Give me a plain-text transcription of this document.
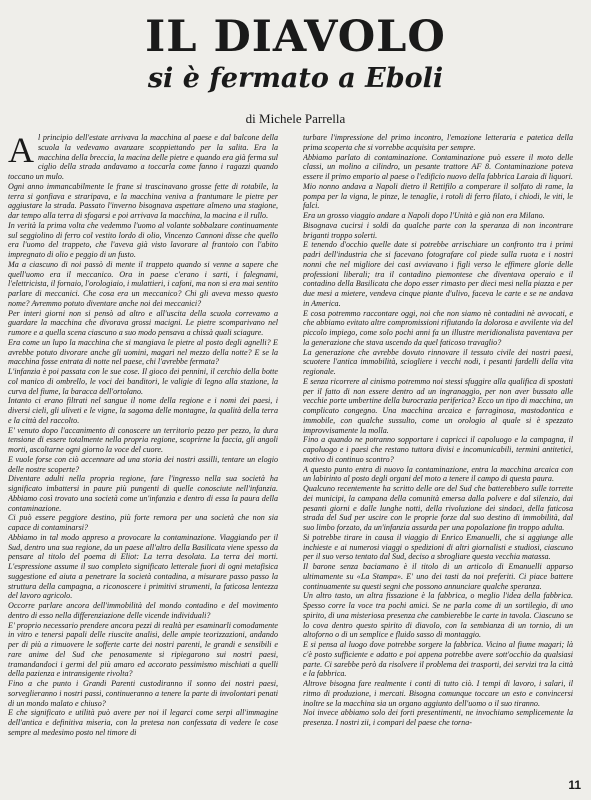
IL DIAVOLO
si è fermato a Eboli

di Michele Parrella

A l principio dell'estate arrivava la macchina al paese e dal balcone della scuola la vedevamo avanzare scoppiettando per la salita. Era la macchina della breccia, la macina delle pietre e quando era già ferma sul ciglio della strada andavamo a toccarla come fanno i ragazzi quando toccano un mulo.

Ogni anno immancabilmente le frane si trascinavano grosse fette di rotabile, la terra si gonfiava e straripava, e la macchina veniva a frantumare le pietre per aggiustare la strada. Passato l'inverno bisognava aspettare almeno una stagione, dar tempo alla terra di sfogarsi e poi arrivava la macchina, la macina e il rullo.

In verità la prima volta che vedemmo l'uomo al volante sobbalzare continuamente sul seggiolino di ferro col vestito lordo di olio, Vincenzo Cannoni disse che quello era l'uomo del trappeto, che l'aveva già visto lavorare al frantoio con l'abito impregnato di olio e peggio di un fusto.

Ma a ciascuno di noi passò di mente il trappeto quando si venne a sapere che quell'uomo era il meccanico. Ora in paese c'erano i sarti, i falegnami, l'elettricista, il fornaio, l'orologiaio, i mulattieri, i cafoni, ma non si era mai sentito parlare di meccanici. Che cosa era un meccanico? Chi gli aveva messo questo nome? Avremmo potuto diventare anche noi dei meccanici?

Per interi giorni non si pensò ad altro e all'uscita della scuola correvamo a guardare la macchina che divorava grossi macigni. Le pietre scomparivano nel rumore e a quella scena ciascuno a suo modo pensava a chissà quali sciagure.

Era come un lupo la macchina che si mangiava le pietre al posto degli agnelli? E avrebbe potuto divorare anche gli uomini, magari nel mezzo della notte? E se la macchina fosse entrata di notte nel paese, chi l'avrebbe fermata?

L'infanzia è poi passata con le sue cose. Il gioco dei pennini, il cerchio della botte col manico di ombrello, le voci dei banditori, le valigie di legno alla stazione, la curva del fiume, la baracca dell'ortolano.

Intanto ci erano filtrati nel sangue il nome della regione e i nomi dei paesi, i diversi cieli, gli uliveti e le vigne, la sagoma delle montagne, la qualità della terra e la città del raccolto.

E' venuto dopo l'accanimento di conoscere un territorio pezzo per pezzo, la dura tensione di essere totalmente nella propria regione, scoprirne la faccia, gli angoli morti, ascoltarne ogni giorno la voce del cuore.

E vuole forse con ciò accennare ad una storia dei nostri assilli, tentare un elogio delle nostre scoperte?

Diventare adulti nella propria regione, fare l'ingresso nella sua società ha significato imbattersi in paure più pungenti di quelle conosciute nell'infanzia. Abbiamo così trovato una società come un'infanzia e dentro di essa la paura della contaminazione.

Ci può essere peggiore destino, più forte remora per una società che non sia capace di contaminarsi?

Abbiamo in tal modo appreso a provocare la contaminazione. Viaggiando per il Sud, dentro una sua regione, da un paese all'altro della Basilicata viene spesso da pensare al titolo del poema di Eliot: La terra desolata. La terra dei morti. L'espressione assume il suo completo significato letterale fuori di ogni metafisica suggestione ed aiuta a penetrare la società contadina, a misurare passo passo la struttura della campagna, a riconoscere i primitivi strumenti, la faticosa lentezza del lavoro agricolo.

Occorre parlare ancora dell'immobilità del mondo contadino e del movimento dentro di esso nella differenziazione delle vicende individuali?

E' proprio necessario prendere ancora pezzi di realtà per esaminarli comodamente in vitro e tenersi papali delle riuscite analisi, delle ampie teorizzazioni, andando per di più a rimuovere le sofferte carte dei nostri parenti, le grandi e sensibili e rare anime del Sud che penosamente si ripiegarono sui nostri paesi, tramandandoci i germi del più amaro ed accorato pessimismo mischiati a quelli della pazienza e intransigente rivolta?

Fino a che punto i Grandi Parenti custodiranno il sonno dei nostri paesi, sorveglieranno i nostri passi, continueranno a tenere la parte di involontari penati di un mondo malato e chiuso?

E che significato e utilità può avere per noi il legarci come serpi all'immagine dell'antica e definitiva miseria, con la pretesa non confessata di vedere le cose sempre al medesimo posto nel timore di

turbare l'impressione del primo incontro, l'emozione letteraria e patetica della prima scoperta che si vorrebbe acquisita per sempre.

Abbiamo parlato di contaminazione. Contaminazione può essere il moto delle classi, un molino a cilindro, un pesante trattore AF 8. Contaminazione poteva essere il primo emporio al paese o l'edificio nuovo della fabbrica Laraia di liquori.

Mio nonno andava a Napoli dietro il Rettifilo a comperare il solfato di rame, la pompa per la vigna, le pinze, le tenaglie, i rotoli di ferro filato, i chiodi, le viti, le falci.

Era un grosso viaggio andare a Napoli dopo l'Unità e già non era Milano.

Bisognava cucirsi i soldi da qualche parte con la speranza di non incontrare briganti troppo solerti.

E tenendo d'occhio quelle date si potrebbe arrischiare un confronto tra i primi padri dell'industria che si facevano fotografare col piede sulla ruota e i nostri nonni che nel migliore dei casi avviavano i figli verso le effimere glorie delle professioni liberali; tra il contadino piemontese che diventava operaio e il contadino della Basilicata che dopo esser rimasto per dieci mesi nella piazza e per due mesi a mietere, vendeva cinque piante d'ulivo, faceva le carte e se ne andava in America.

E cosa potremmo raccontare oggi, noi che non siamo nè contadini nè avvocati, e che abbiamo evitato altre compromissioni rifiutando la dolorosa e avvilente via del piccolo impiego, come solo pochi anni fa un illustre meridionalista paventava per la generazione che stava uscendo da quel faticoso travaglio?

La generazione che avrebbe dovuto rinnovare il tessuto civile dei nostri paesi, scuotere l'antica immobilità, sciogliere i vecchi nodi, i pesanti fardelli della vita regionale.

E senza ricorrere al cinismo potremmo noi stessi sfuggire alla qualifica di spostati per il fatto di non essere dentro ad un ingranaggio, per non aver bussato alle vecchie porte umbertine della burocrazia periferica? Ecco un tipo di macchina, un complicato congegno. Una macchina arcaica e farraginosa, mastodontica e immobile, con qualche sussulto, come un orologio al quale si è spezzato improvvisamente la molla.

Fino a quando ne potranno sopportare i capricci il capoluogo e la campagna, il capoluogo e i paesi che restano tuttora divisi e incomunicabili, termini antitetici, motivo di continuo scontro?

A questo punto entra di nuovo la contaminazione, entra la macchina arcaica con un labirinto al posto degli organi del moto a tenere il campo di questa paura.

Qualcuno recentemente ha scritto delle ore del Sud che batterebbero sulle torrette dei municipi, la campana della comunità emersa dalla polvere e dal silenzio, dai pesanti giorni e dalle lunghe notti, della rivoluzione dei sindaci, della faticosa strada del Sud per uscire con le proprie forze dal suo destino di immobilità, dal suo limbo forzato, da un'infanzia assurda per una popolazione fin troppo adulta.

Si potrebbe tirare in causa il viaggio di Enrico Emanuelli, che si aggiunge alle inchieste e ai numerosi viaggi o spedizioni di altri giornalisti e studiosi, ciascuno per il suo verso tentato dal Sud, deciso a sbrogliare questa vecchia matassa.

Il barone senza baciamano è il titolo di un articolo di Emanuelli apparso ultimamente su «La Stampa». E' uno dei tasti da noi preferiti. Ci piace battere continuamente su questi segni che possono annunciare qualche speranza.

Un altro tasto, un altra fissazione è la fabbrica, o meglio l'idea della fabbrica. Spesso corre la voce tra pochi amici. Se ne parla come di un sortilegio, di uno spirito, di una misteriosa presenza che cambierebbe le carte in tavola. Ciascuno se lo cova dentro questo spirito di diavolo, con la sembianza di un tornio, di un altoforno o di un semplice e fluido sasso di montaggio.

E si pensa al luogo dove potrebbe sorgere la fabbrica. Vicino al fiume magari; là c'è posto sufficiente e adatto e poi appena potrebbe avere sott'occhio da qualsiasi parte. Ci sarebbe però da risolvere il problema dei trasporti, dei servizi tra la città e la fabbrica.

Altrove bisogna fare realmente i conti di tutto ciò. I tempi di lavoro, i salari, il ritmo di produzione, i mercati. Bisogna comunque toccare un esto e convincersi inoltre se la macchina sia un organo aggiunto dell'uomo o il suo tiranno.

Noi invece abbiamo solo dei forti presentimenti, ne invochiamo semplicemente la presenza. I nostri zii, i compari del paese che torna-

11
